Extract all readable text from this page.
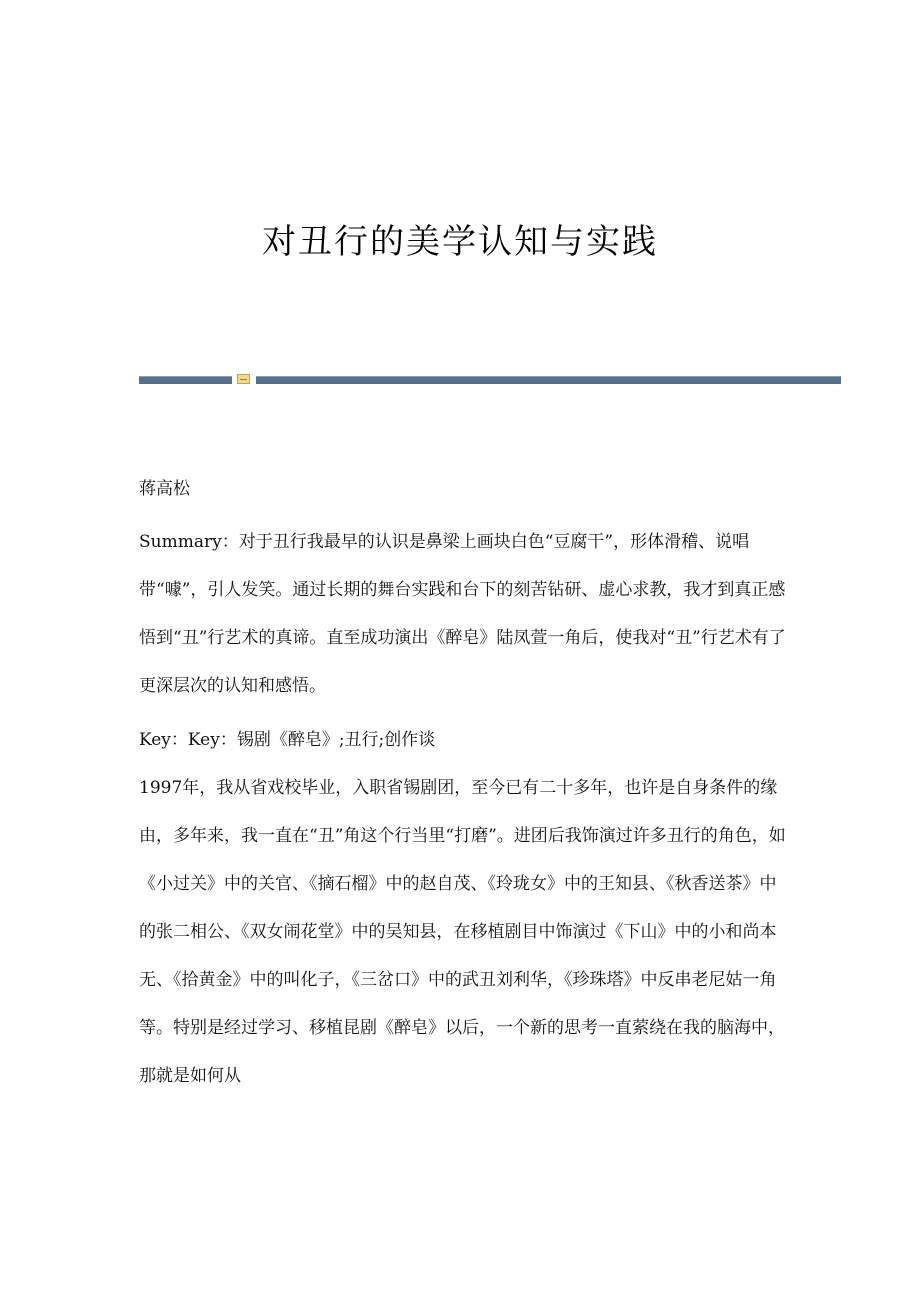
对丑行的美学认知与实践
蒋高松
Summary：对于丑行我最早的认识是鼻梁上画块白色“豆腐干”，形体滑稽、说唱带“噱”，引人发笑。通过长期的舞台实践和台下的刻苦钻研、虚心求教，我才到真正感悟到“丑”行艺术的真谛。直至成功演出《醉皂》陆凤萱一角后，使我对“丑”行艺术有了更深层次的认知和感悟。
Key：Key：锡剧《醉皂》;丑行;创作谈
1997年，我从省戏校毕业，入职省锡剧团，至今已有二十多年，也许是自身条件的缘由，多年来，我一直在“丑”角这个行当里“打磨”。进团后我饰演过许多丑行的角色，如《小过关》中的关官、《摘石榴》中的赵自茂、《玲珑女》中的王知县、《秋香送茶》中的张二相公、《双女闹花堂》中的吴知县，在移植剧目中饰演过《下山》中的小和尚本无、《拾黄金》中的叫化子，《三岔口》中的武丑刘利华，《珍珠塔》中反串老尼姑一角等。特别是经过学习、移植昆剧《醉皂》以后，一个新的思考一直萦绕在我的脑海中，那就是如何从
